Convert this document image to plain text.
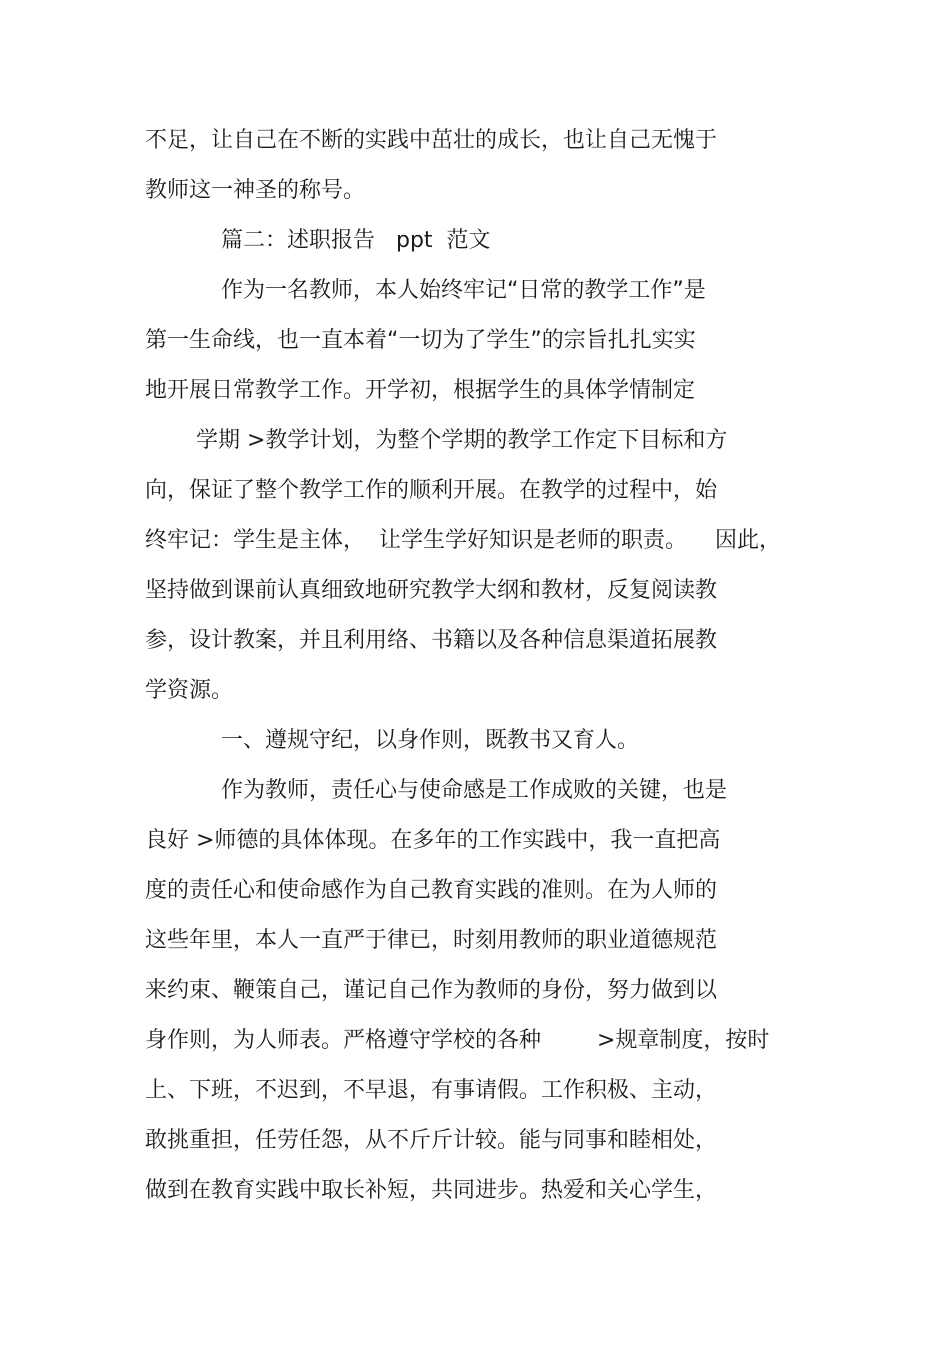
不足，让自己在不断的实践中茁壮的成长，也让自己无愧于
教师这一神圣的称号。
篇二：述职报告   ppt  范文
作为一名教师，本人始终牢记“日常的教学工作”是
第一生命线，也一直本着“一切为了学生”的宗旨扎扎实实
地开展日常教学工作。开学初，根据学生的具体学情制定
学期 >教学计划，为整个学期的教学工作定下目标和方
向，保证了整个教学工作的顺利开展。在教学的过程中，始
终牢记：学生是主体，  让学生学好知识是老师的职责。    因此，
坚持做到课前认真细致地研究教学大纲和教材，反复阅读教
参，设计教案，并且利用络、书籍以及各种信息渠道拓展教
学资源。
一、遵规守纪，以身作则，既教书又育人。
作为教师，责任心与使命感是工作成败的关键，也是
良好 >师德的具体体现。在多年的工作实践中，我一直把高
度的责任心和使命感作为自己教育实践的准则。在为人师的
这些年里，本人一直严于律已，时刻用教师的职业道德规范
来约束、鞭策自己，谨记自己作为教师的身份，努力做到以
身作则，为人师表。严格遵守学校的各种        >规章制度，按时
上、下班，不迟到，不早退，有事请假。工作积极、主动，
敢挑重担，任劳任怨，从不斤斤计较。能与同事和睦相处，
做到在教育实践中取长补短，共同进步。热爱和关心学生，
